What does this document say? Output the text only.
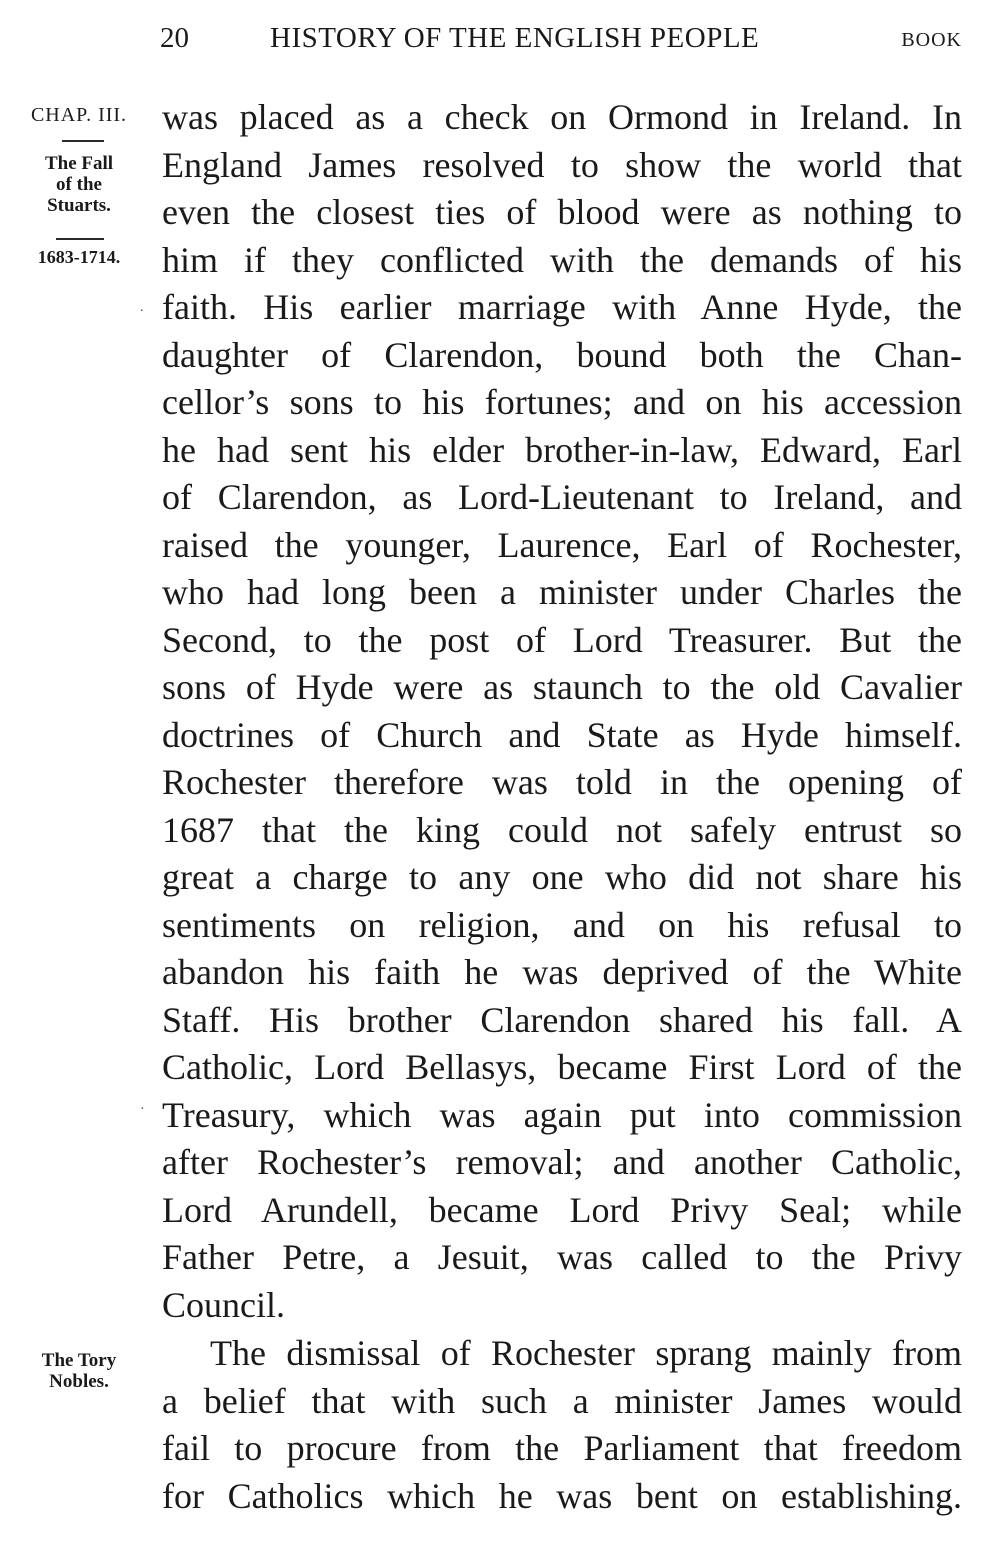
20	HISTORY OF THE ENGLISH PEOPLE	BOOK
CHAP. III.
The Fall
of the
Stuarts.
1683-1714.
The Tory
Nobles.
.
·
was placed as a check on Ormond in Ireland. In
England James resolved to show the world that
even the closest ties of blood were as nothing to
him if they conflicted with the demands of his
faith. His earlier marriage with Anne Hyde, the
daughter of Clarendon, bound both the Chan-
cellor’s sons to his fortunes; and on his accession
he had sent his elder brother-in-law, Edward, Earl
of Clarendon, as Lord-Lieutenant to Ireland, and
raised the younger, Laurence, Earl of Rochester,
who had long been a minister under Charles the
Second, to the post of Lord Treasurer. But the
sons of Hyde were as staunch to the old Cavalier
doctrines of Church and State as Hyde himself.
Rochester therefore was told in the opening of
1687 that the king could not safely entrust so
great a charge to any one who did not share his
sentiments on religion, and on his refusal to
abandon his faith he was deprived of the White
Staff. His brother Clarendon shared his fall. A
Catholic, Lord Bellasys, became First Lord of the
Treasury, which was again put into commission
after Rochester’s removal; and another Catholic,
Lord Arundell, became Lord Privy Seal; while
Father Petre, a Jesuit, was called to the Privy
Council.
The dismissal of Rochester sprang mainly from
a belief that with such a minister James would
fail to procure from the Parliament that freedom
for Catholics which he was bent on establishing.
